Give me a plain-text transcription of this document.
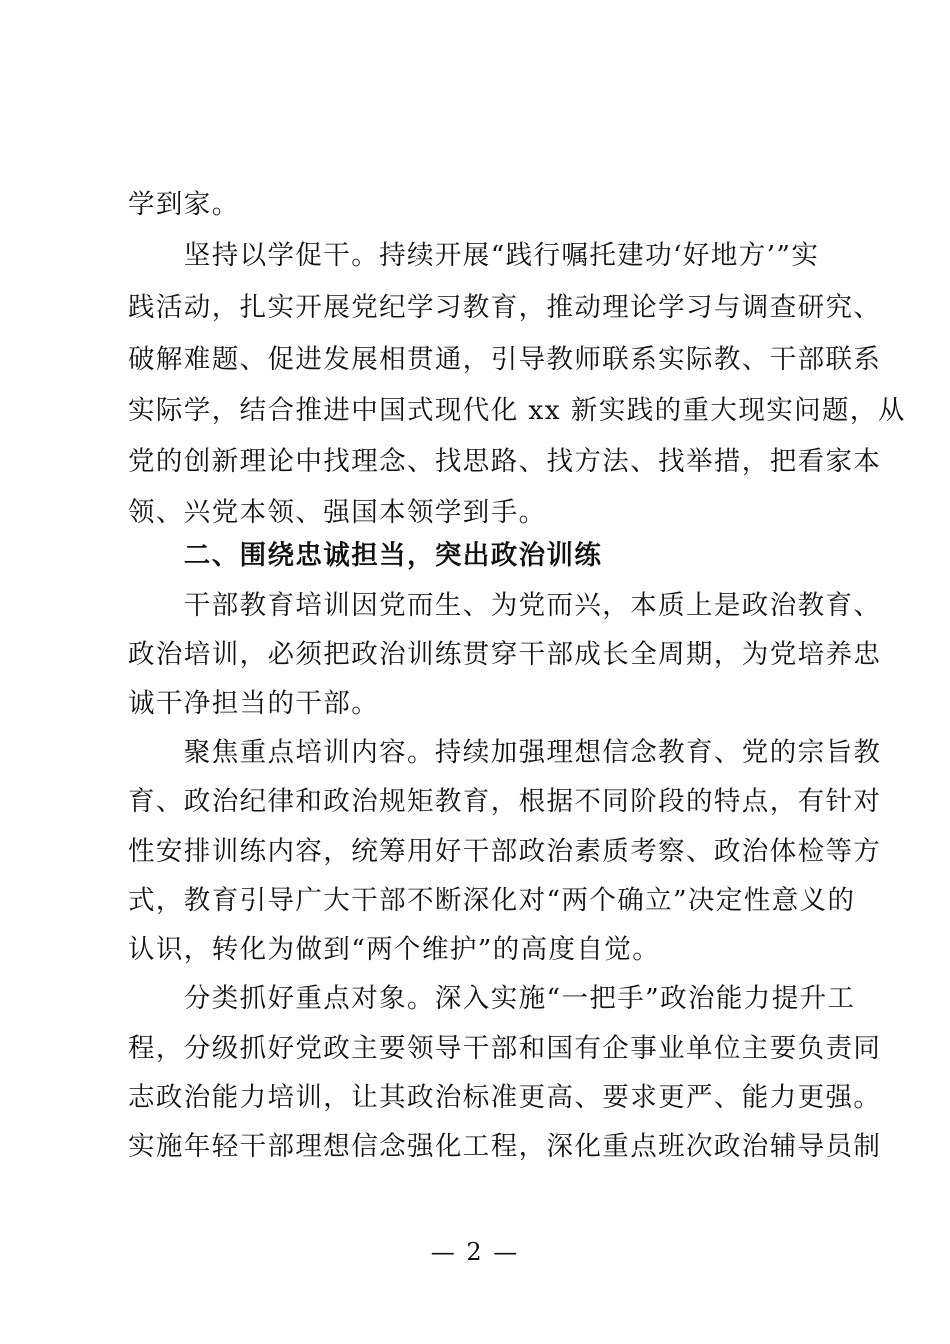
学到家。
　　坚持以学促干。持续开展“践行嘱托建功‘好地方’”实
践活动，扎实开展党纪学习教育，推动理论学习与调查研究、
破解难题、促进发展相贯通，引导教师联系实际教、干部联系
实际学，结合推进中国式现代化 xx 新实践的重大现实问题，从
党的创新理论中找理念、找思路、找方法、找举措，把看家本
领、兴党本领、强国本领学到手。
　　二、围绕忠诚担当，突出政治训练
　　干部教育培训因党而生、为党而兴，本质上是政治教育、
政治培训，必须把政治训练贯穿干部成长全周期，为党培养忠
诚干净担当的干部。
　　聚焦重点培训内容。持续加强理想信念教育、党的宗旨教
育、政治纪律和政治规矩教育，根据不同阶段的特点，有针对
性安排训练内容，统筹用好干部政治素质考察、政治体检等方
式，教育引导广大干部不断深化对“两个确立”决定性意义的
认识，转化为做到“两个维护”的高度自觉。
　　分类抓好重点对象。深入实施“一把手”政治能力提升工
程，分级抓好党政主要领导干部和国有企事业单位主要负责同
志政治能力培训，让其政治标准更高、要求更严、能力更强。
实施年轻干部理想信念强化工程，深化重点班次政治辅导员制
— 2 —
